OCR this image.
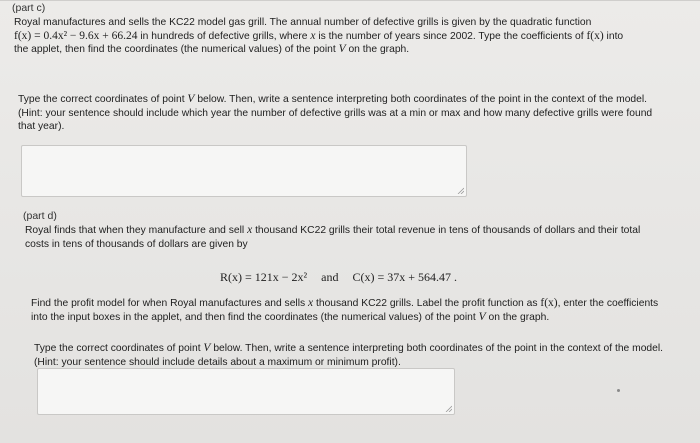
(part c)

Royal manufactures and sells the KC22 model gas grill. The annual number of defective grills is given by the quadratic function
f(x) = 0.4x² − 9.6x + 66.24 in hundreds of defective grills, where x is the number of years since 2002. Type the coefficients of f(x) into
the applet, then find the coordinates (the numerical values) of the point V on the graph.

Type the correct coordinates of point V below. Then, write a sentence interpreting both coordinates of the point in the context of the model.
(Hint: your sentence should include which year the number of defective grills was at a min or max and how many defective grills were found
that year).

(part d)

Royal finds that when they manufacture and sell x thousand KC22 grills their total revenue in tens of thousands of dollars and their total
costs in tens of thousands of dollars are given by

R(x) = 121x − 2x² and C(x) = 37x + 564.47 .

Find the profit model for when Royal manufactures and sells x thousand KC22 grills. Label the profit function as f(x), enter the coefficients
into the input boxes in the applet, and then find the coordinates (the numerical values) of the point V on the graph.

Type the correct coordinates of point V below. Then, write a sentence interpreting both coordinates of the point in the context of the model.
(Hint: your sentence should include details about a maximum or minimum profit).
